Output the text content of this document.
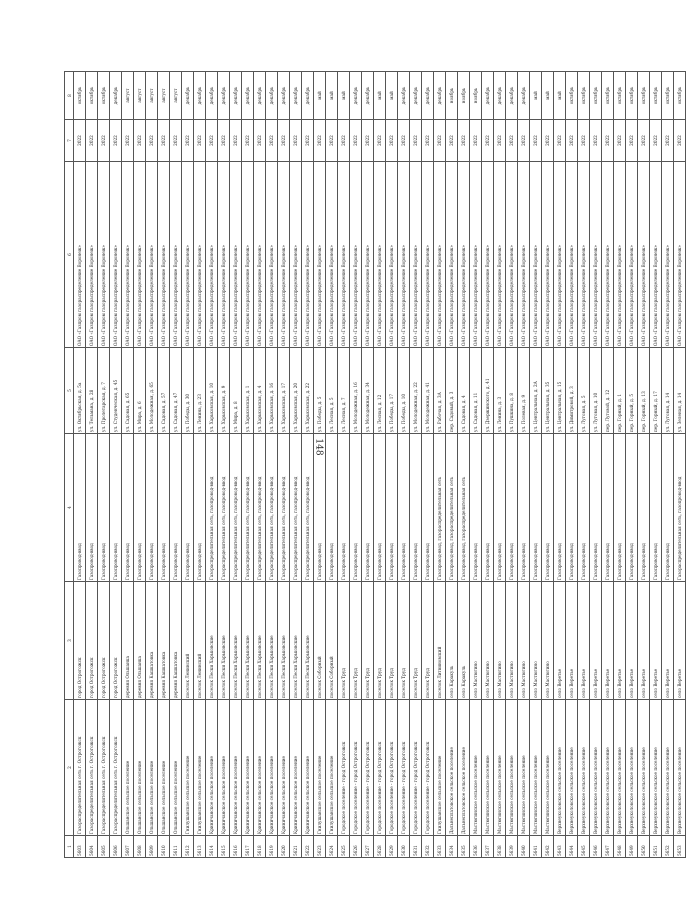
148
1	2	3	4	5	6	7	8
5603	Газораспределительная сеть г. Острогожск	город Острогожск	Газопровод-ввод	ул. Октябрьская, д. 5а	ОАО «Газпром газораспределение Воронеж»	2022	октябрь
5604	Газораспределительная сеть г. Острогожск	город Острогожск	Газопровод-ввод	ул. Тельмана, д. 28	ОАО «Газпром газораспределение Воронеж»	2022	октябрь
5605	Газораспределительная сеть г. Острогожск	город Острогожск	Газопровод-ввод	ул. Пролетарская, д. 7	ОАО «Газпром газораспределение Воронеж»	2022	октябрь
5606	Газораспределительная сеть г. Острогожск	город Острогожск	Газопровод-ввод	ул. Студенческая, д. 45	ОАО «Газпром газораспределение Воронеж»	2022	декабрь
5607	Ольшанское сельское поселение	деревня Ольшанка	Газопровод-ввод	ул. Садовая, д. 65	ОАО «Газпром газораспределение Воронеж»	2022	август
5608	Ольшанское сельское поселение	деревня Ольшанка	Газопровод-ввод	ул. Мира, д. 6	ОАО «Газпром газораспределение Воронеж»	2022	август
5609	Ольшанское сельское поселение	деревня Кашкатовка	Газопровод-ввод	ул. Молодежная, д. 65	ОАО «Газпром газораспределение Воронеж»	2022	август
5610	Ольшанское сельское поселение	деревня Кашкатовка	Газопровод-ввод	ул. Садовая, д. 57	ОАО «Газпром газораспределение Воронеж»	2022	август
5611	Ольшанское сельское поселение	деревня Кашкатовка	Газопровод-ввод	ул. Садовая, д. 47	ОАО «Газпром газораспределение Воронеж»	2022	август
5612	Гнилушанское сельское поселение	поселок Ленинский	Газопровод-ввод	ул. Победы, д. 30	ОАО «Газпром газораспределение Воронеж»	2022	декабрь
5613	Гнилушанское сельское поселение	поселок Ленинский	Газопровод-ввод	ул. Ленина, д. 23	ОАО «Газпром газораспределение Воронеж»	2022	декабрь
5614	Криничанское сельское поселение	поселок Пески Харьковские	Газораспределительная сеть, газопровод-ввод	ул. Харьковская, д. 10	ОАО «Газпром газораспределение Воронеж»	2022	декабрь
5615	Криничанское сельское поселение	поселок Пески Харьковские	Газораспределительная сеть, газопровод-ввод	ул. Харьковская, д. 9	ОАО «Газпром газораспределение Воронеж»	2022	декабрь
5616	Криничанское сельское поселение	поселок Пески Харьковские	Газораспределительная сеть, газопровод-ввод	ул. Мира, д. 8	ОАО «Газпром газораспределение Воронеж»	2022	декабрь
5617	Криничанское сельское поселение	поселок Пески Харьковские	Газораспределительная сеть, газопровод-ввод	ул. Харьковская, д. 1	ОАО «Газпром газораспределение Воронеж»	2022	декабрь
5618	Криничанское сельское поселение	поселок Пески Харьковские	Газораспределительная сеть, газопровод-ввод	ул. Харьковская, д. 4	ОАО «Газпром газораспределение Воронеж»	2022	декабрь
5619	Криничанское сельское поселение	поселок Пески Харьковские	Газораспределительная сеть, газопровод-ввод	ул. Харьковская, д. 16	ОАО «Газпром газораспределение Воронеж»	2022	декабрь
5620	Криничанское сельское поселение	поселок Пески Харьковские	Газораспределительная сеть, газопровод-ввод	ул. Харьковская, д. 17	ОАО «Газпром газораспределение Воронеж»	2022	декабрь
5621	Криничанское сельское поселение	поселок Пески Харьковские	Газораспределительная сеть, газопровод-ввод	ул. Харьковская, д. 20	ОАО «Газпром газораспределение Воронеж»	2022	декабрь
5622	Криничанское сельское поселение	поселок Пески Харьковские	Газораспределительная сеть, газопровод-ввод	ул. Харьковская, д. 22	ОАО «Газпром газораспределение Воронеж»	2022	декабрь
5623	Гнилушанское сельское поселение	поселок Соборный	Газопровод-ввод	ул. Победы, д. 5	ОАО «Газпром газораспределение Воронеж»	2022	май
5624	Гнилушанское сельское поселение	поселок Соборный	Газопровод-ввод	ул. Лесная, д. 5	ОАО «Газпром газораспределение Воронеж»	2022	май
5625	Городское поселение - город Острогожск	поселок Труд	Газопровод-ввод	ул. Лесная, д. 7	ОАО «Газпром газораспределение Воронеж»	2022	май
5626	Городское поселение - город Острогожск	поселок Труд	Газопровод-ввод	ул. Молодежная, д. 16	ОАО «Газпром газораспределение Воронеж»	2022	декабрь
5627	Городское поселение - город Острогожск	поселок Труд	Газопровод-ввод	ул. Молодежная, д. 34	ОАО «Газпром газораспределение Воронеж»	2022	декабрь
5628	Городское поселение - город Острогожск	поселок Труд	Газопровод-ввод	ул. Лесная, д. 12	ОАО «Газпром газораспределение Воронеж»	2022	май
5629	Городское поселение - город Острогожск	поселок Труд	Газопровод-ввод	ул. Победы, д. 17	ОАО «Газпром газораспределение Воронеж»	2022	май
5630	Городское поселение - город Острогожск	поселок Труд	Газопровод-ввод	ул. Победы, д. 10	ОАО «Газпром газораспределение Воронеж»	2022	декабрь
5631	Городское поселение - город Острогожск	поселок Труд	Газопровод-ввод	ул. Молодежная, д. 22	ОАО «Газпром газораспределение Воронеж»	2022	декабрь
5632	Городское поселение - город Острогожск	поселок Труд	Газопровод-ввод	ул. Молодежная, д. 41	ОАО «Газпром газораспределение Воронеж»	2022	декабрь
5633	Гнилушанское сельское поселение	поселок Литвиновский	Газопровод-ввод, газораспределительная сеть	ул. Рабочая, д. 3А	ОАО «Газпром газораспределение Воронеж»	2022	декабрь
5634	Дальнеплатовское сельское поселение	село Каракуль	Газопровод-ввод, газораспределительная сеть	пер. Садовый, д. 3	ОАО «Газпром газораспределение Воронеж»	2022	ноябрь
5635	Дальнеплатовское сельское поселение	село Каракуль	Газопровод-ввод, газораспределительная сеть	ул. Садовая, д. 4	ОАО «Газпром газораспределение Воронеж»	2022	ноябрь
5636	Мастюгинское сельское поселение	село Мастюгино	Газопровод-ввод	ул. Садовая, д. 11	ОАО «Газпром газораспределение Воронеж»	2022	ноябрь
5637	Мастюгинское сельское поселение	село Мастюгино	Газопровод-ввод	ул. Дзержинского, д. 41	ОАО «Газпром газораспределение Воронеж»	2022	декабрь
5638	Мастюгинское сельское поселение	село Мастюгино	Газопровод-ввод	ул. Ленина, д. 3	ОАО «Газпром газораспределение Воронеж»	2022	декабрь
5639	Мастюгинское сельское поселение	село Мастюгино	Газопровод-ввод	ул. Пушкина, д. 8	ОАО «Газпром газораспределение Воронеж»	2022	декабрь
5640	Мастюгинское сельское поселение	село Мастюгино	Газопровод-ввод	ул. Полевая, д. 9	ОАО «Газпром газораспределение Воронеж»	2022	декабрь
5641	Мастюгинское сельское поселение	село Мастюгино	Газопровод-ввод	ул. Центральная, д. 2А	ОАО «Газпром газораспределение Воронеж»	2022	май
5642	Мастюгинское сельское поселение	село Мастюгино	Газопровод-ввод	ул. Центральная, д. 35	ОАО «Газпром газораспределение Воронеж»	2022	май
5643	Верхнеуколовское сельское поселение	село Веретье	Газопровод-ввод	ул. Центральная, д. 15	ОАО «Газпром газораспределение Воронеж»	2022	май
5644	Верхнеуколовское сельское поселение	село Веретье	Газопровод-ввод	ул. Димитровой, д. 3	ОАО «Газпром газораспределение Воронеж»	2022	октябрь
5645	Верхнеуколовское сельское поселение	село Веретье	Газопровод-ввод	ул. Луговая, д. 5	ОАО «Газпром газораспределение Воронеж»	2022	октябрь
5646	Верхнеуколовское сельское поселение	село Веретье	Газопровод-ввод	ул. Луговая, д. 10	ОАО «Газпром газораспределение Воронеж»	2022	октябрь
5647	Верхнеуколовское сельское поселение	село Веретье	Газопровод-ввод	пер. Луговой, д. 12	ОАО «Газпром газораспределение Воронеж»	2022	октябрь
5648	Верхнеуколовское сельское поселение	село Веретье	Газопровод-ввод	пер. Горный, д. 1	ОАО «Газпром газораспределение Воронеж»	2022	октябрь
5649	Верхнеуколовское сельское поселение	село Веретье	Газопровод-ввод	пер. Горный, д. 5	ОАО «Газпром газораспределение Воронеж»	2022	октябрь
5650	Верхнеуколовское сельское поселение	село Веретье	Газопровод-ввод	пер. Горный, д. 13	ОАО «Газпром газораспределение Воронеж»	2022	октябрь
5651	Верхнеуколовское сельское поселение	село Веретье	Газопровод-ввод	пер. Горный, д. 17	ОАО «Газпром газораспределение Воронеж»	2022	октябрь
5652	Верхнеуколовское сельское поселение	село Веретье	Газопровод-ввод	ул. Луговая, д. 14	ОАО «Газпром газораспределение Воронеж»	2022	октябрь
5653	Верхнеуколовское сельское поселение	село Веретье	Газораспределительная сеть, газопровод-ввод	ул. Зеленая, д. 14	ОАО «Газпром газораспределение Воронеж»	2022	октябрь
